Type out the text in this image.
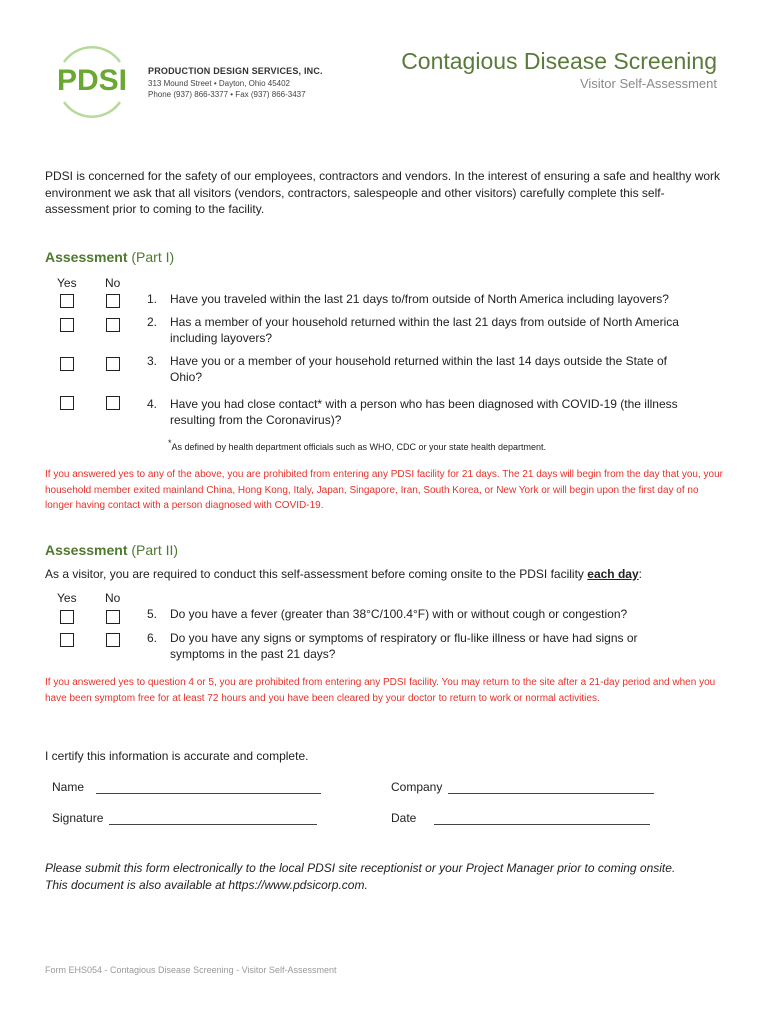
PDSI PRODUCTION DESIGN SERVICES, INC.
313 Mound Street • Dayton, Ohio 45402
Phone (937) 866-3377 • Fax (937) 866-3437
Contagious Disease Screening
Visitor Self-Assessment
PDSI is concerned for the safety of our employees, contractors and vendors. In the interest of ensuring a safe and healthy work environment we ask that all visitors (vendors, contractors, salespeople and other visitors) carefully complete this self-assessment prior to coming to the facility.
Assessment (Part I)
Yes No
1. Have you traveled within the last 21 days to/from outside of North America including layovers?
2. Has a member of your household returned within the last 21 days from outside of North America including layovers?
3. Have you or a member of your household returned within the last 14 days outside the State of Ohio?
4. Have you had close contact* with a person who has been diagnosed with COVID-19 (the illness resulting from the Coronavirus)?
*As defined by health department officials such as WHO, CDC or your state health department.
If you answered yes to any of the above, you are prohibited from entering any PDSI facility for 21 days. The 21 days will begin from the day that you, your household member exited mainland China, Hong Kong, Italy, Japan, Singapore, Iran, South Korea, or New York or will begin upon the first day of no longer having contact with a person diagnosed with COVID-19.
Assessment (Part II)
As a visitor, you are required to conduct this self-assessment before coming onsite to the PDSI facility each day:
Yes No
5. Do you have a fever (greater than 38°C/100.4°F) with or without cough or congestion?
6. Do you have any signs or symptoms of respiratory or flu-like illness or have had signs or symptoms in the past 21 days?
If you answered yes to question 4 or 5, you are prohibited from entering any PDSI facility. You may return to the site after a 21-day period and when you have been symptom free for at least 72 hours and you have been cleared by your doctor to return to work or normal activities.
I certify this information is accurate and complete.
Name	Company
Signature	Date
Please submit this form electronically to the local PDSI site receptionist or your Project Manager prior to coming onsite.
This document is also available at https://www.pdsicorp.com.
Form EHS054 - Contagious Disease Screening - Visitor Self-Assessment
